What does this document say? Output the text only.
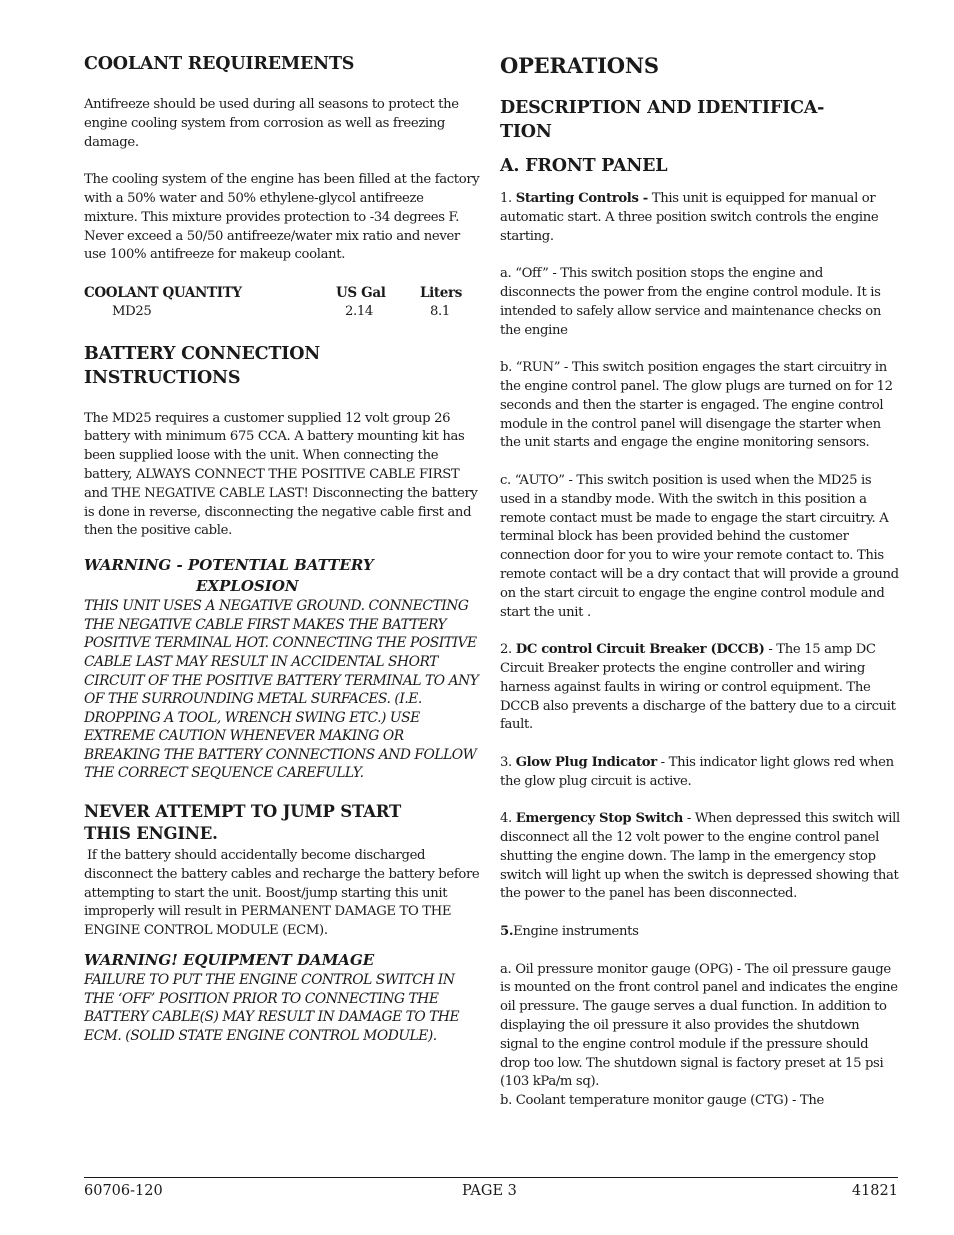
COOLANT REQUIREMENTS

Antifreeze should be used during all seasons to protect the engine cooling system from corrosion as well as freezing damage.

The cooling system of the engine has been filled at the factory with a 50% water and 50% ethylene-glycol antifreeze mixture. This mixture provides protection to -34 degrees F. Never exceed a 50/50 antifreeze/water mix ratio and never use 100% antifreeze for makeup coolant.

COOLANT QUANTITY	US Gal	Liters
MD25	2.14	8.1
BATTERY CONNECTION
INSTRUCTIONS

The MD25 requires a customer supplied 12 volt group 26 battery with minimum 675 CCA. A battery mounting kit has been supplied loose with the unit. When connecting the battery, ALWAYS CONNECT THE POSITIVE CABLE FIRST and THE NEGATIVE CABLE LAST! Disconnecting the battery is done in reverse, disconnecting the negative cable first and then the positive cable.

WARNING - POTENTIAL BATTERY
EXPLOSION

THIS UNIT USES A NEGATIVE GROUND. CONNECTING THE NEGATIVE CABLE FIRST MAKES THE BATTERY POSITIVE TERMINAL HOT. CONNECTING THE POSITIVE CABLE LAST MAY RESULT IN ACCIDENTAL SHORT CIRCUIT OF THE POSITIVE BATTERY TERMINAL TO ANY OF THE SURROUNDING METAL SURFACES. (I.E. DROPPING A TOOL, WRENCH SWING ETC.) USE EXTREME CAUTION WHENEVER MAKING OR BREAKING THE BATTERY CONNECTIONS AND FOLLOW THE CORRECT SEQUENCE CAREFULLY.

NEVER ATTEMPT TO JUMP START
THIS ENGINE.

If the battery should accidentally become discharged disconnect the battery cables and recharge the battery before attempting to start the unit. Boost/jump starting this unit improperly will result in PERMANENT DAMAGE TO THE ENGINE CONTROL MODULE (ECM).

WARNING! EQUIPMENT DAMAGE

FAILURE TO PUT THE ENGINE CONTROL SWITCH IN THE ‘OFF’ POSITION PRIOR TO CONNECTING THE BATTERY CABLE(S) MAY RESULT IN DAMAGE TO THE ECM. (SOLID STATE ENGINE CONTROL MODULE).

OPERATIONS
DESCRIPTION AND IDENTIFICA-
TION
A. FRONT PANEL

1. Starting Controls - This unit is equipped for manual or automatic start. A three position switch controls the engine starting.

a. “Off” - This switch position stops the engine and disconnects the power from the engine control module. It is intended to safely allow service and maintenance checks on the engine

b. “RUN” - This switch position engages the start circuitry in the engine control panel. The glow plugs are turned on for 12 seconds and then the starter is engaged. The engine control module in the control panel will disengage the starter when the unit starts and engage the engine monitoring sensors.

c. “AUTO” - This switch position is used when the MD25 is used in a standby mode. With the switch in this position a remote contact must be made to engage the start circuitry. A terminal block has been provided behind the customer connection door for you to wire your remote contact to. This remote contact will be a dry contact that will provide a ground on the start circuit to engage the engine control module and start the unit .

2. DC control Circuit Breaker (DCCB) - The 15 amp DC Circuit Breaker protects the engine controller and wiring harness against faults in wiring or control equipment. The DCCB also prevents a discharge of the battery due to a circuit fault.

3. Glow Plug Indicator - This indicator light glows red when the glow plug circuit is active.

4. Emergency Stop Switch - When depressed this switch will disconnect all the 12 volt power to the engine control panel shutting the engine down. The lamp in the emergency stop switch will light up when the switch is depressed showing that the power to the panel has been disconnected.

5.Engine instruments

a. Oil pressure monitor gauge (OPG) - The oil pressure gauge is mounted on the front control panel and indicates the engine oil pressure. The gauge serves a dual function. In addition to displaying the oil pressure it also provides the shutdown signal to the engine control module if the pressure should drop too low. The shutdown signal is factory preset at 15 psi (103 kPa/m sq).

b. Coolant temperature monitor gauge (CTG) - The

60706-120	PAGE 3	41821
